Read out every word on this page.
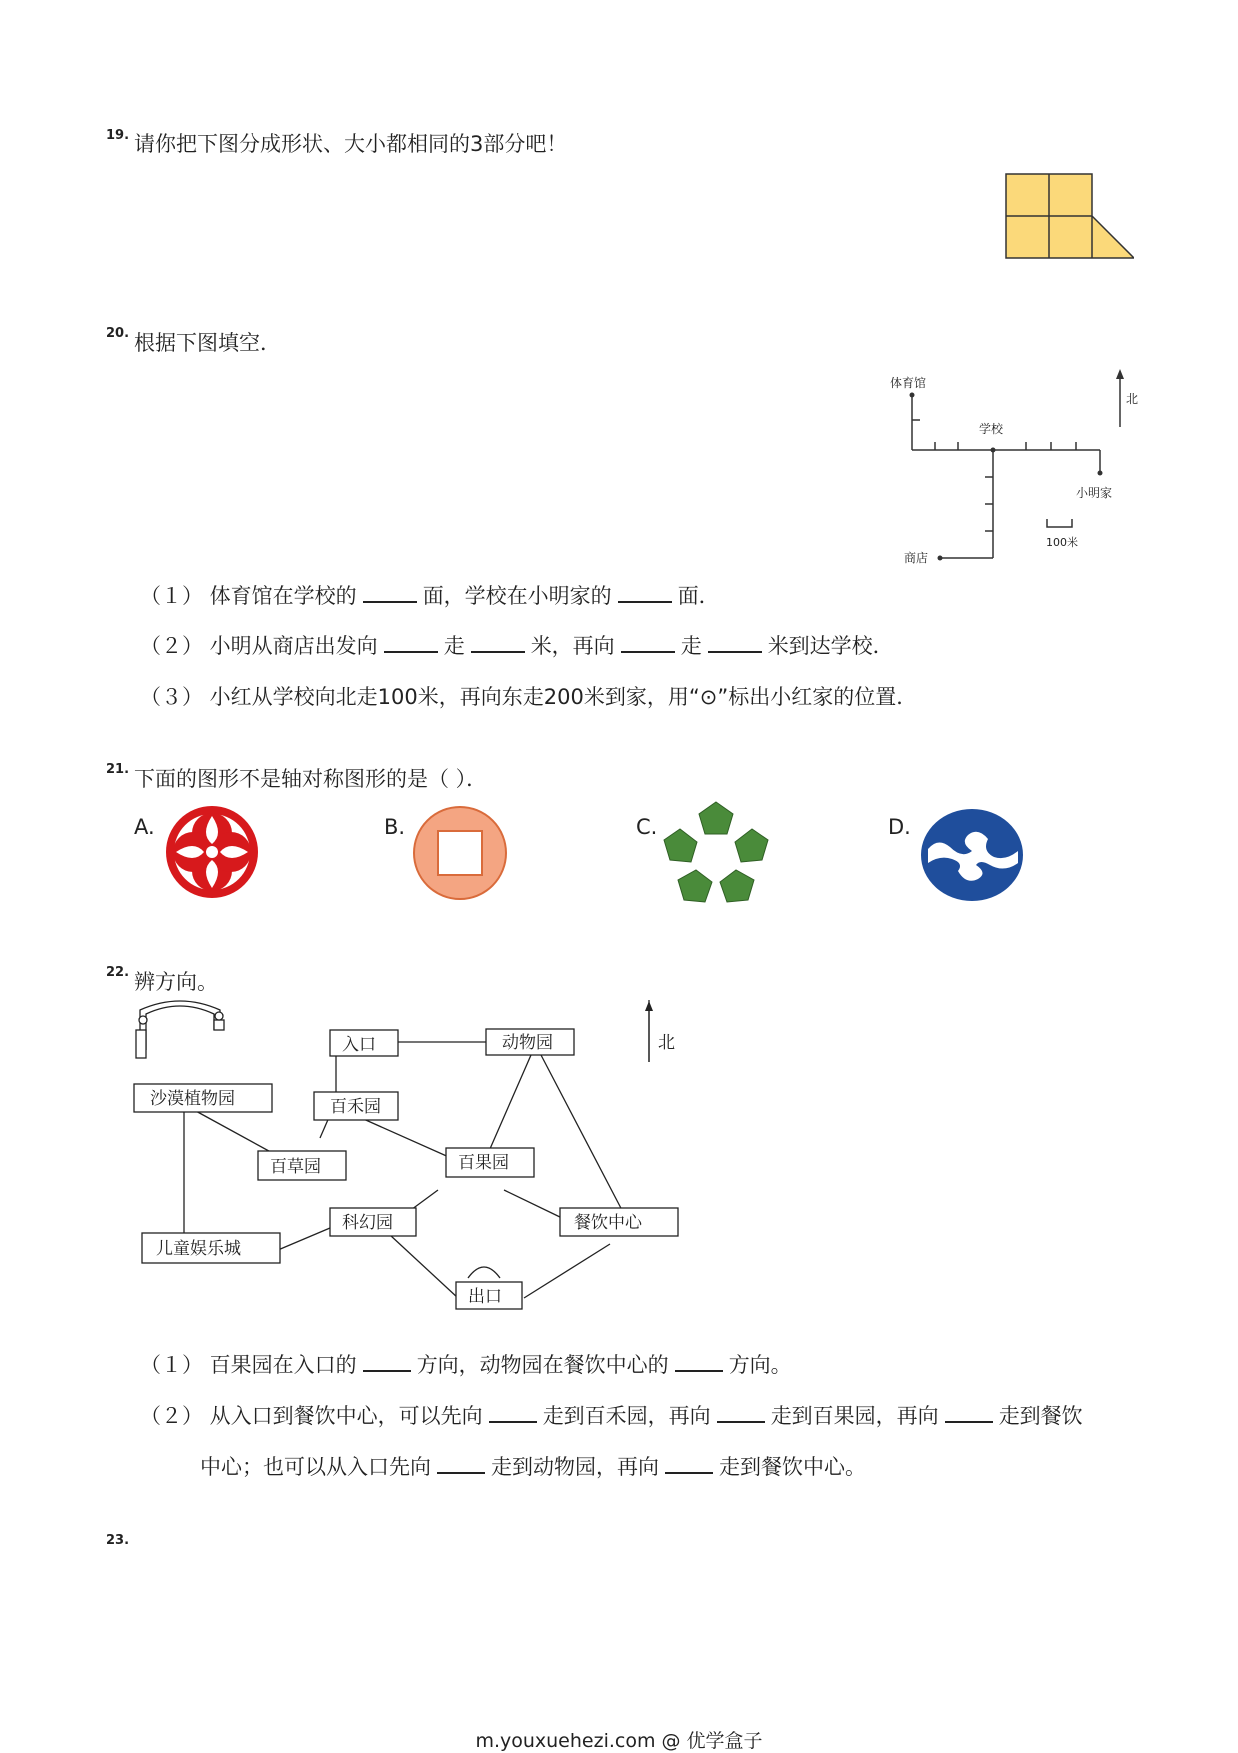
19. 请你把下图分成形状、大小都相同的3部分吧！
20. 根据下图填空．
体育馆
学校
小明家
商店
北
100米
（１） 体育馆在学校的	面，学校在小明家的	面．
（２） 小明从商店出发向	走	米，再向	走	米到达学校．
（３） 小红从学校向北走100米，再向东走200米到家，用“⊙”标出小红家的位置．
21. 下面的图形不是轴对称图形的是（ ）．
A.	B.	C.	D.
22. 辨方向。
入口	动物园
沙漠植物园	百禾园
百草园	百果园
科幻园	餐饮中心
儿童娱乐城
出口
北
（１） 百果园在入口的	方向，动物园在餐饮中心的	方向。
（２） 从入口到餐饮中心，可以先向	走到百禾园，再向	走到百果园，再向	走到餐饮
中心；也可以从入口先向	走到动物园，再向	走到餐饮中心。
23.
m.youxuehezi.com @ 优学盒子
